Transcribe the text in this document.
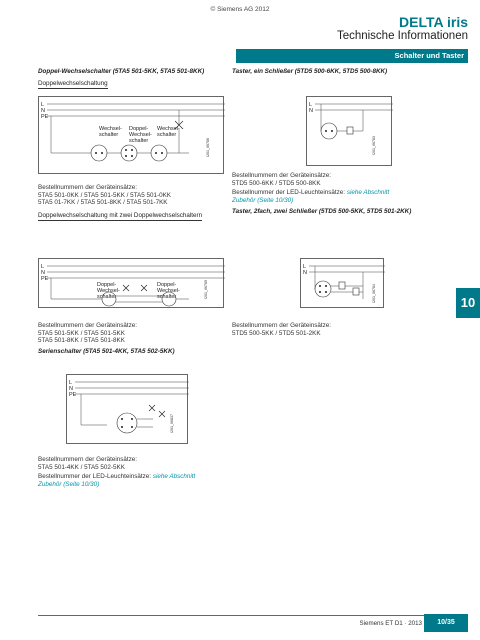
© Siemens AG 2012
DELTA iris
Technische Informationen
Schalter und Taster
Doppel-Wechselschalter (5TA5 501-5KK, 5TA5 501-8KK)
Doppelwechselschaltung
L
N
PE
Wechsel-
schalter
Doppel-
Wechsel-
schalter
Wechsel-
schalter
I201_06786
Bestellnummern der Geräteinsätze:
5TA5 501-0KK / 5TA5 501-5KK / 5TA5 501-0KK
5TA5 01-7KK / 5TA5 501-8KK / 5TA5 501-7KK
Doppelwechselschaltung mit zwei Doppelwechselschaltern
L
N
PE
Doppel-
Wechsel-
schalter
Doppel-
Wechsel-
schalter	I201_06789
Bestellnummern der Geräteinsätze:
5TA5 501-5KK / 5TA5 501-5KK
5TA5 501-8KK / 5TA5 501-8KK
Serienschalter (5TA5 501-4KK, 5TA5 502-5KK)
L
N
PE
I201_06837
Bestellnummern der Geräteinsätze:
5TA5 501-4KK / 5TA5 502-5KK
Bestellnummer der LED-Leuchteinsätze: siehe Abschnitt
Zubehör (Seite 10/30)
Taster, ein Schließer (5TD5 500-6KK, 5TD5 500-8KK)
L
N
I201_06783
Bestellnummern der Geräteinsätze:
5TD5 500-6KK / 5TD5 500-8KK
Bestellnummer der LED-Leuchteinsätze: siehe Abschnitt
Zubehör (Seite 10/30)
Taster, 2fach, zwei Schließer (5TD5 500-5KK, 5TD5 501-2KK)
L
N
I201_06784
Bestellnummern der Geräteinsätze:
5TD5 500-5KK / 5TD5 501-2KK
10
Siemens ET D1 · 2013	10/35
